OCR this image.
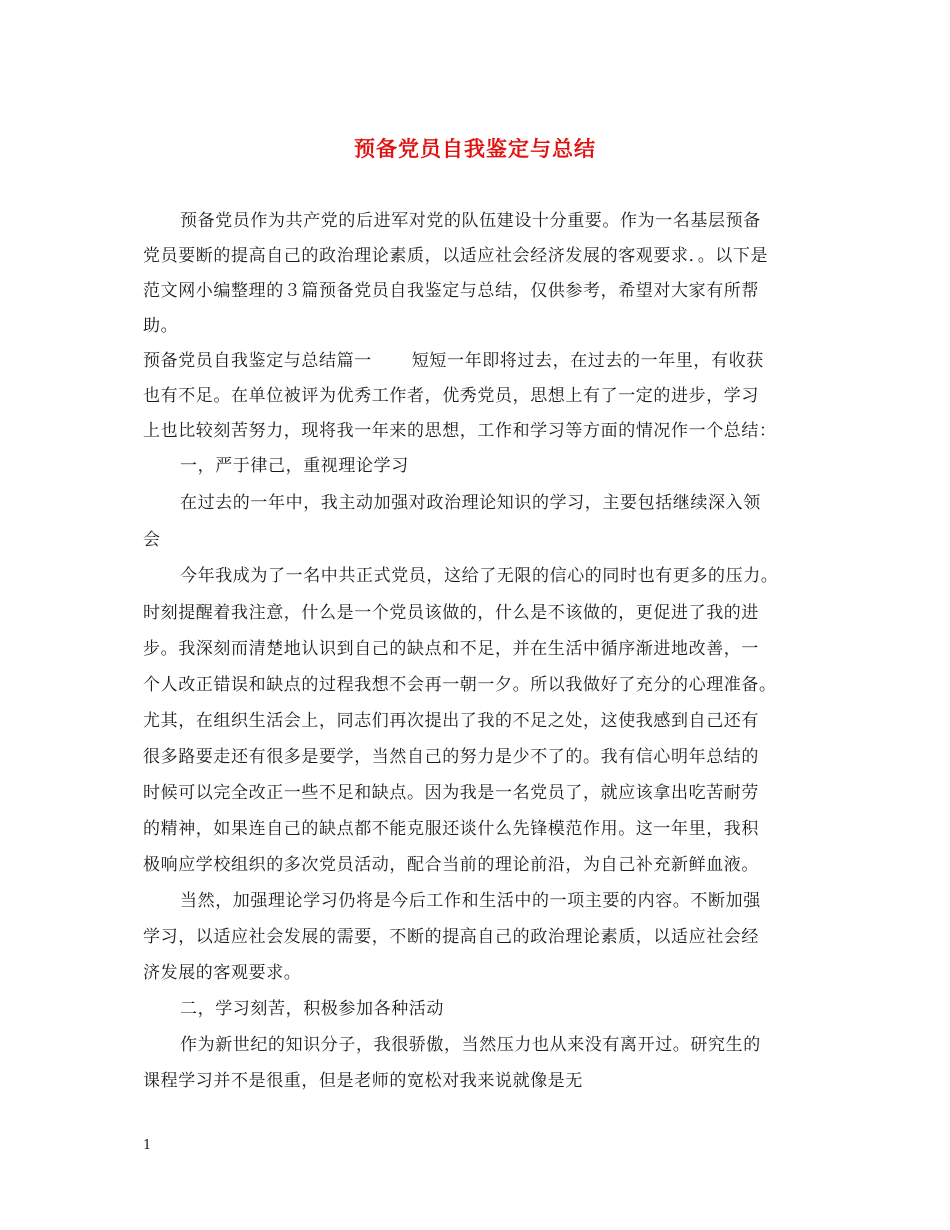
预备党员自我鉴定与总结
预备党员作为共产党的后进军对党的队伍建设十分重要。作为一名基层预备
党员要断的提高自己的政治理论素质，以适应社会经济发展的客观要求．。以下是
范文网小编整理的３篇预备党员自我鉴定与总结，仅供参考，希望对大家有所帮
助。
预备党员自我鉴定与总结篇一 短短一年即将过去，在过去的一年里，有收获
也有不足。在单位被评为优秀工作者，优秀党员，思想上有了一定的进步，学习
上也比较刻苦努力，现将我一年来的思想，工作和学习等方面的情况作一个总结：
一，严于律己，重视理论学习
在过去的一年中，我主动加强对政治理论知识的学习，主要包括继续深入领
会
今年我成为了一名中共正式党员，这给了无限的信心的同时也有更多的压力。
时刻提醒着我注意，什么是一个党员该做的，什么是不该做的，更促进了我的进
步。我深刻而清楚地认识到自己的缺点和不足，并在生活中循序渐进地改善，一
个人改正错误和缺点的过程我想不会再一朝一夕。所以我做好了充分的心理准备。
尤其，在组织生活会上，同志们再次提出了我的不足之处，这使我感到自己还有
很多路要走还有很多是要学，当然自己的努力是少不了的。我有信心明年总结的
时候可以完全改正一些不足和缺点。因为我是一名党员了，就应该拿出吃苦耐劳
的精神，如果连自己的缺点都不能克服还谈什么先锋模范作用。这一年里，我积
极响应学校组织的多次党员活动，配合当前的理论前沿，为自己补充新鲜血液。
当然，加强理论学习仍将是今后工作和生活中的一项主要的内容。不断加强
学习，以适应社会发展的需要，不断的提高自己的政治理论素质，以适应社会经
济发展的客观要求。
二，学习刻苦，积极参加各种活动
作为新世纪的知识分子，我很骄傲，当然压力也从来没有离开过。研究生的
课程学习并不是很重，但是老师的宽松对我来说就像是无
1
